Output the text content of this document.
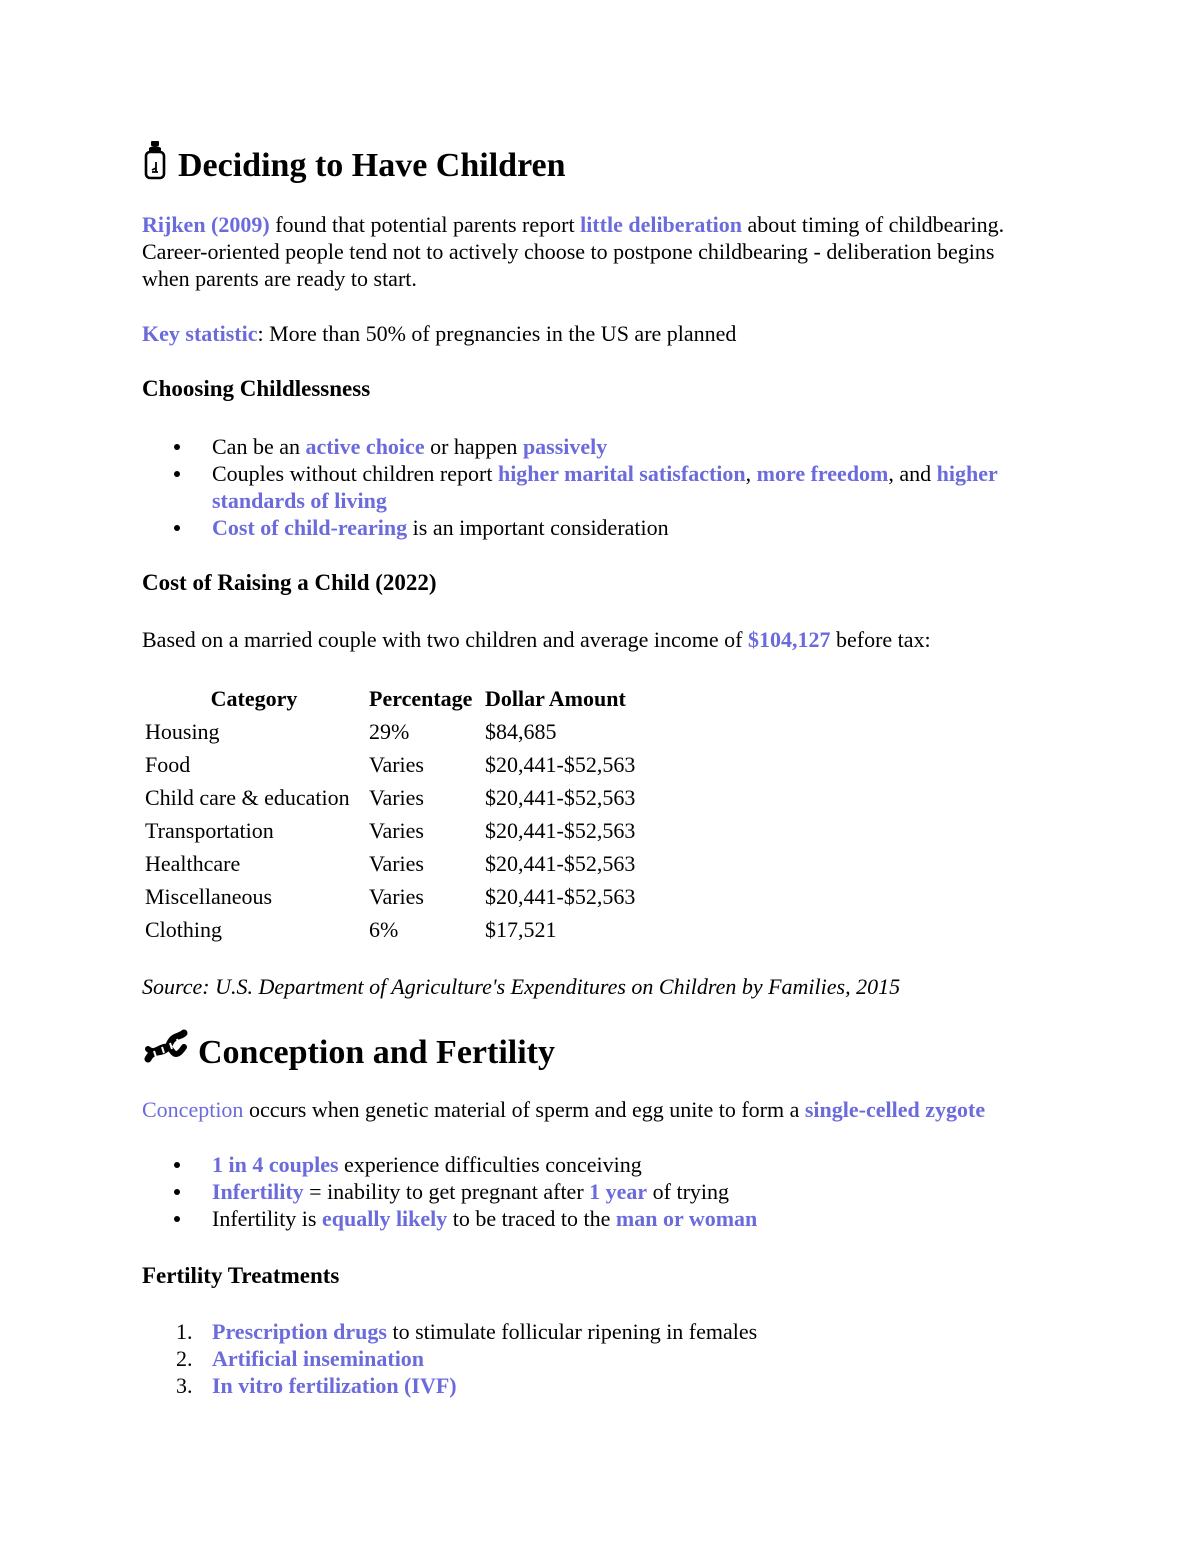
Deciding to Have Children

Rijken (2009) found that potential parents report little deliberation about timing of childbearing. Career-oriented people tend not to actively choose to postpone childbearing - deliberation begins when parents are ready to start.

Key statistic: More than 50% of pregnancies in the US are planned

Choosing Childlessness
Can be an active choice or happen passively
Couples without children report higher marital satisfaction, more freedom, and higher standards of living
Cost of child-rearing is an important consideration
Cost of Raising a Child (2022)

Based on a married couple with two children and average income of $104,127 before tax:

Category	Percentage	Dollar Amount
Housing	29%	$84,685
Food	Varies	$20,441-$52,563
Child care & education	Varies	$20,441-$52,563
Transportation	Varies	$20,441-$52,563
Healthcare	Varies	$20,441-$52,563
Miscellaneous	Varies	$20,441-$52,563
Clothing	6%	$17,521

Source: U.S. Department of Agriculture's Expenditures on Children by Families, 2015

Conception and Fertility

Conception occurs when genetic material of sperm and egg unite to form a single-celled zygote

1 in 4 couples experience difficulties conceiving
Infertility = inability to get pregnant after 1 year of trying
Infertility is equally likely to be traced to the man or woman
Fertility Treatments
1. Prescription drugs to stimulate follicular ripening in females
2. Artificial insemination
3. In vitro fertilization (IVF)
